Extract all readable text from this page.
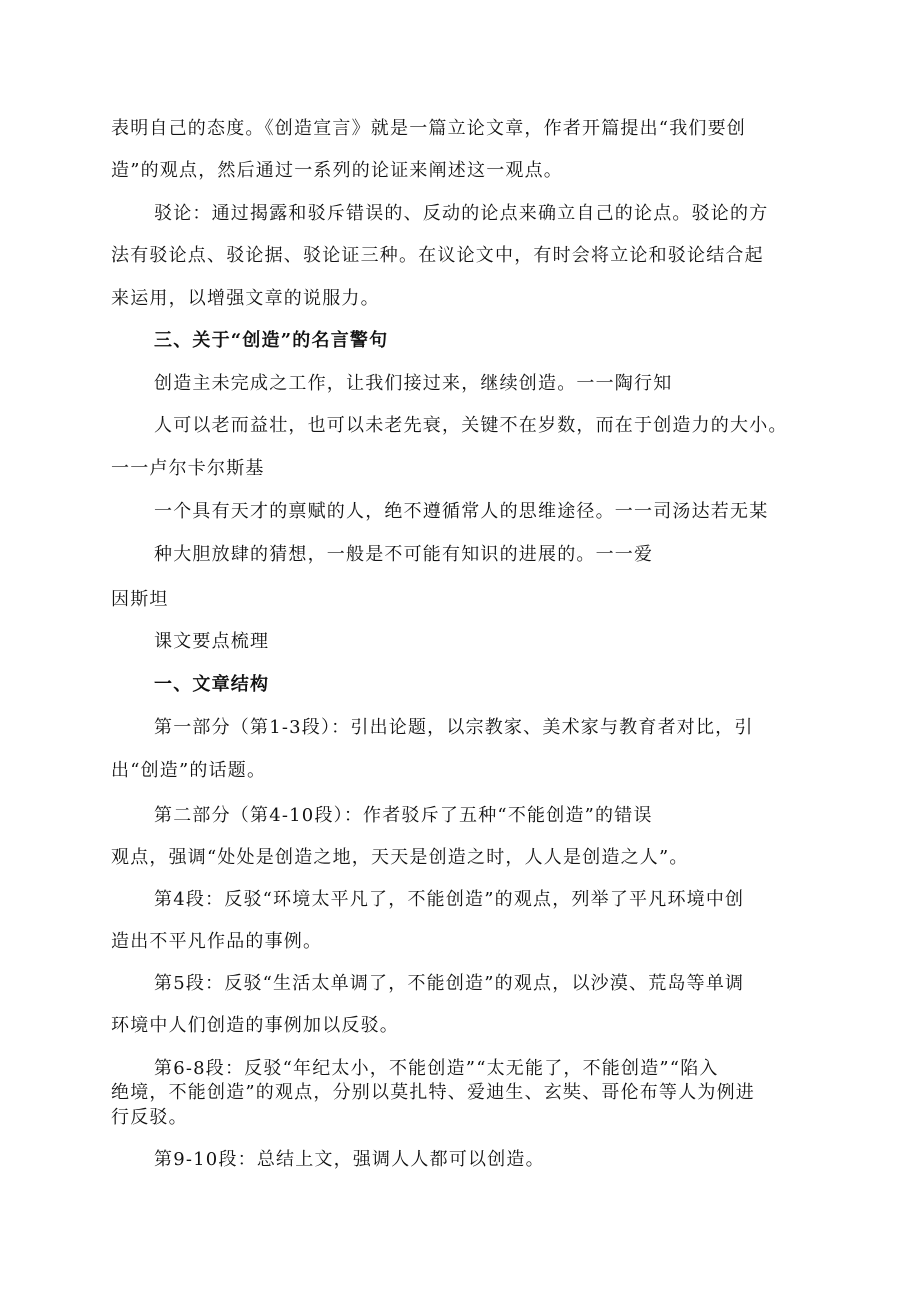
表明自己的态度。《创造宣言》就是一篇立论文章，作者开篇提出“我们要创
造”的观点，然后通过一系列的论证来阐述这一观点。
驳论：通过揭露和驳斥错误的、反动的论点来确立自己的论点。驳论的方
法有驳论点、驳论据、驳论证三种。在议论文中，有时会将立论和驳论结合起
来运用，以增强文章的说服力。
三、关于“创造”的名言警句
创造主未完成之工作，让我们接过来，继续创造。一一陶行知
人可以老而益壮，也可以未老先衰，关键不在岁数，而在于创造力的大小。
一一卢尔卡尔斯基
一个具有天才的禀赋的人，绝不遵循常人的思维途径。一一司汤达若无某
种大胆放肆的猜想，一般是不可能有知识的进展的。一一爱
因斯坦
课文要点梳理
一、文章结构
第一部分（第1-3段）：引出论题，以宗教家、美术家与教育者对比，引
出“创造”的话题。
第二部分（第4-10段）：作者驳斥了五种“不能创造”的错误
观点，强调“处处是创造之地，天天是创造之时，人人是创造之人”。
第4段：反驳“环境太平凡了，不能创造”的观点，列举了平凡环境中创
造出不平凡作品的事例。
第5段：反驳“生活太单调了，不能创造”的观点，以沙漠、荒岛等单调
环境中人们创造的事例加以反驳。
第6-8段：反驳“年纪太小，不能创造”“太无能了，不能创造”“陷入
绝境，不能创造”的观点，分别以莫扎特、爱迪生、玄奘、哥伦布等人为例进
行反驳。
第9-10段：总结上文，强调人人都可以创造。
